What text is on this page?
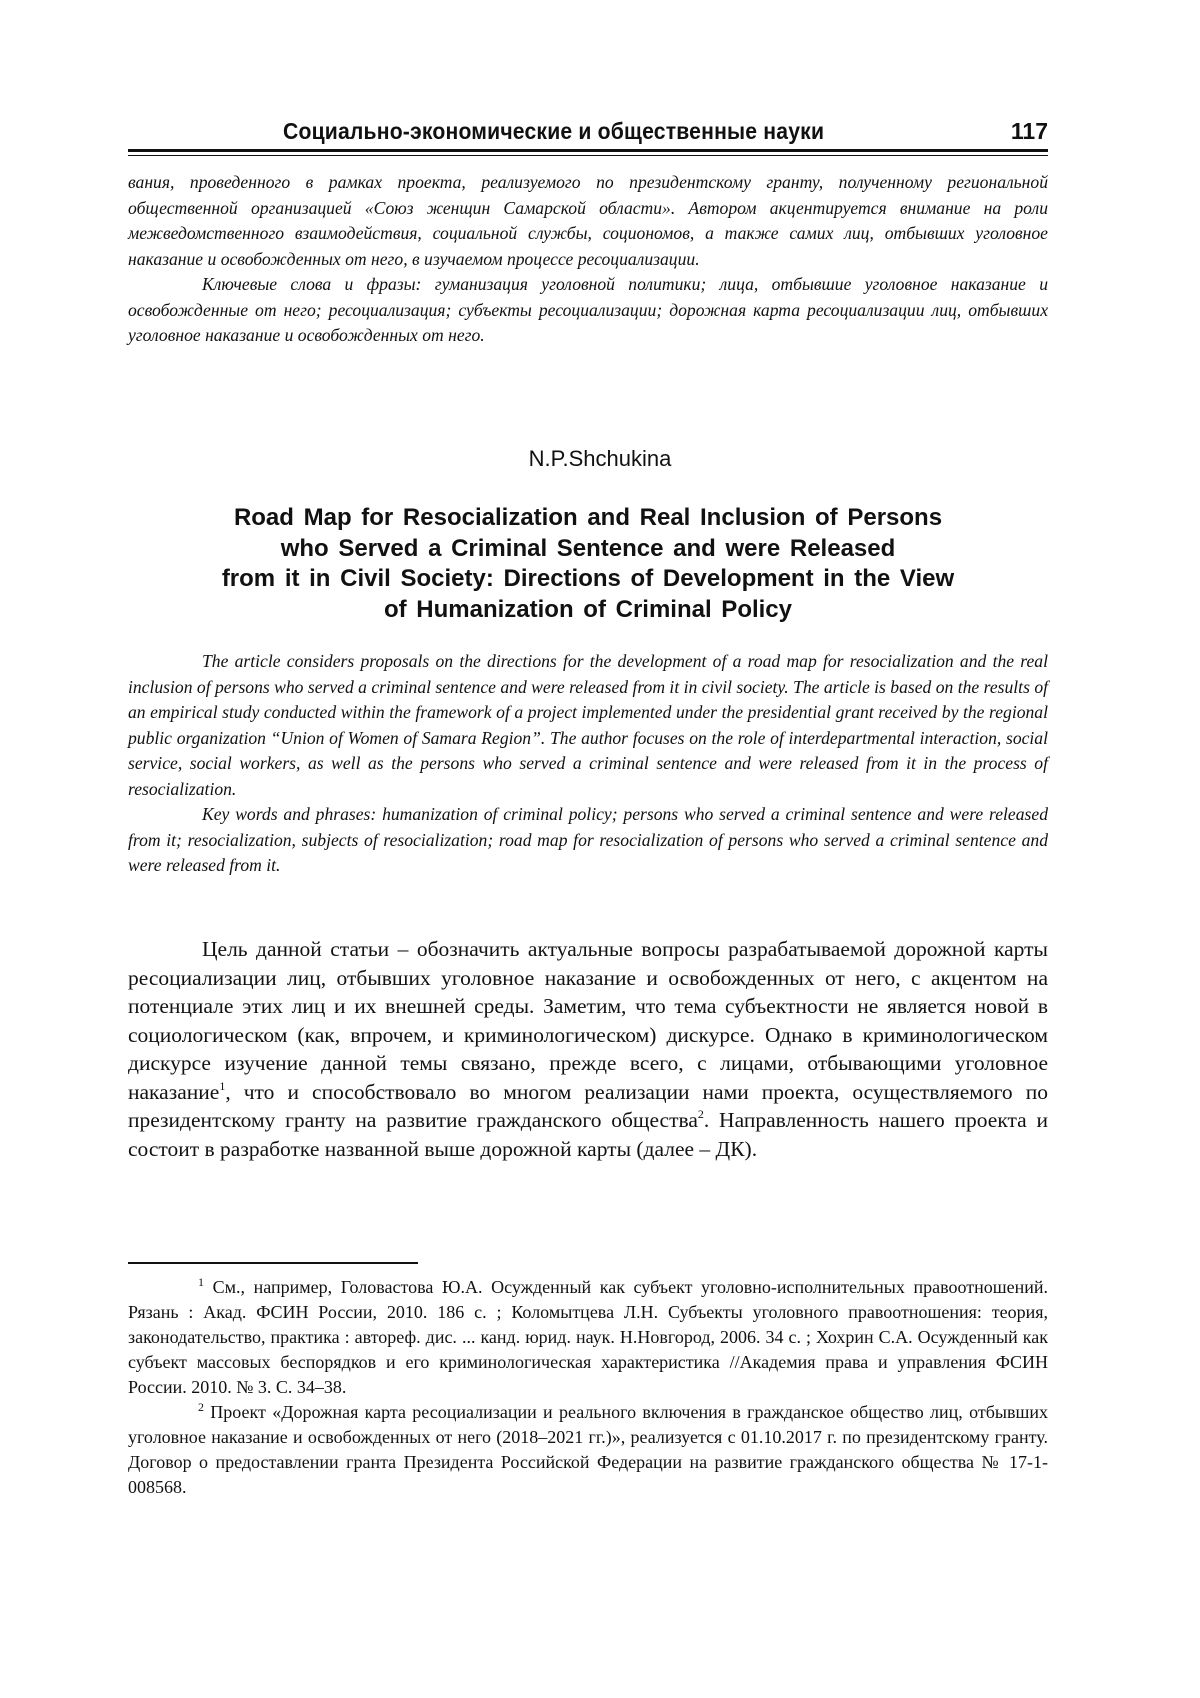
Социально-экономические и общественные науки	117

вания, проведенного в рамках проекта, реализуемого по президентскому гранту, полученному региональной общественной организацией «Союз женщин Самарской области». Автором акцентируется внимание на роли межведомственного взаимодействия, социальной службы, социономов, а также самих лиц, отбывших уголовное наказание и освобожденных от него, в изучаемом процессе ресоциализации.

Ключевые слова и фразы: гуманизация уголовной политики; лица, отбывшие уголовное наказание и освобожденные от него; ресоциализация; субъекты ресоциализации; дорожная карта ресоциализации лиц, отбывших уголовное наказание и освобожденных от него.

N.P.Shchukina
Road Map for Resocialization and Real Inclusion of Persons
who Served a Criminal Sentence and were Released
from it in Civil Society: Directions of Development in the View
of Humanization of Criminal Policy

The article considers proposals on the directions for the development of a road map for resocialization and the real inclusion of persons who served a criminal sentence and were released from it in civil society. The article is based on the results of an empirical study conducted within the framework of a project implemented under the presidential grant received by the regional public organization “Union of Women of Samara Region”. The author focuses on the role of interdepartmental interaction, social service, social workers, as well as the persons who served a criminal sentence and were released from it in the process of resocialization.

Key words and phrases: humanization of criminal policy; persons who served a criminal sentence and were released from it; resocialization, subjects of resocialization; road map for resocialization of persons who served a criminal sentence and were released from it.

Цель данной статьи – обозначить актуальные вопросы разрабатываемой дорожной карты ресоциализации лиц, отбывших уголовное наказание и освобожденных от него, с акцентом на потенциале этих лиц и их внешней среды. Заметим, что тема субъектности не является новой в социологическом (как, впрочем, и криминологическом) дискурсе. Однако в криминологическом дискурсе изучение данной темы связано, прежде всего, с лицами, отбывающими уголовное наказание$^1$, что и способствовало во многом реализации нами проекта, осуществляемого по президентскому гранту на развитие гражданского общества$^2$. Направленность нашего проекта и состоит в разработке названной выше дорожной карты (далее – ДК).

$^1$ См., например, Головастова Ю.А. Осужденный как субъект уголовно-исполнительных правоотношений. Рязань : Акад. ФСИН России, 2010. 186 с. ; Коломытцева Л.Н. Субъекты уголовного правоотношения: теория, законодательство, практика : автореф. дис. ... канд. юрид. наук. Н.Новгород, 2006. 34 с. ; Хохрин С.А. Осужденный как субъект массовых беспорядков и его криминологическая характеристика //Академия права и управления ФСИН России. 2010. № 3. С. 34–38.

$^2$ Проект «Дорожная карта ресоциализации и реального включения в гражданское общество лиц, отбывших уголовное наказание и освобожденных от него (2018–2021 гг.)», реализуется с 01.10.2017 г. по президентскому гранту. Договор о предоставлении гранта Президента Российской Федерации на развитие гражданского общества № 17-1-008568.
